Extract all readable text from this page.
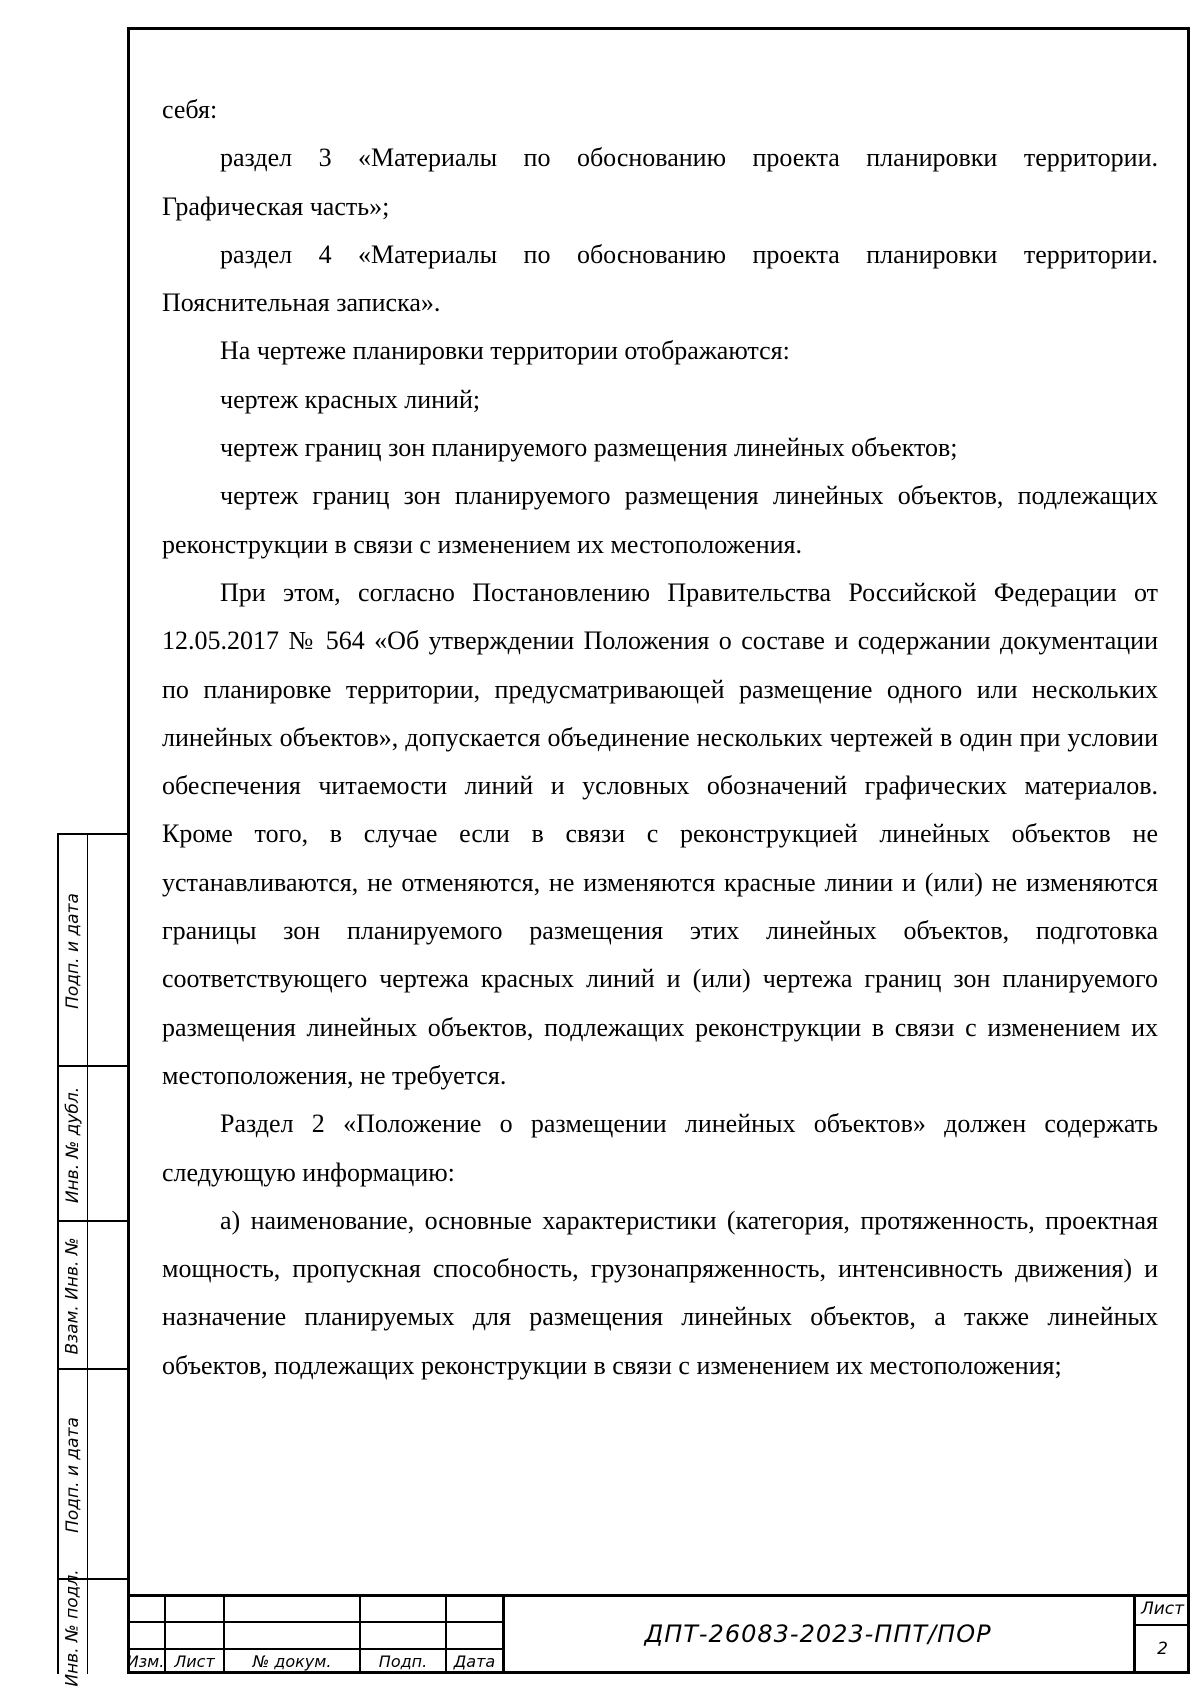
себя:

раздел 3 «Материалы по обоснованию проекта планировки территории. Графическая часть»;

раздел 4 «Материалы по обоснованию проекта планировки территории. Пояснительная записка».

На чертеже планировки территории отображаются:

чертеж красных линий;

чертеж границ зон планируемого размещения линейных объектов;

чертеж границ зон планируемого размещения линейных объектов, подлежащих реконструкции в связи с изменением их местоположения.

При этом, согласно Постановлению Правительства Российской Федерации от 12.05.2017 № 564 «Об утверждении Положения о составе и содержании документации по планировке территории, предусматривающей размещение одного или нескольких линейных объектов», допускается объединение нескольких чертежей в один при условии обеспечения читаемости линий и условных обозначений графических материалов. Кроме того, в случае если в связи с реконструкцией линейных объектов не устанавливаются, не отменяются, не изменяются красные линии и (или) не изменяются границы зон планируемого размещения этих линейных объектов, подготовка соответствующего чертежа красных линий и (или) чертежа границ зон планируемого размещения линейных объектов, подлежащих реконструкции в связи с изменением их местоположения, не требуется.

Раздел 2 «Положение о размещении линейных объектов» должен содержать следующую информацию:

а) наименование, основные характеристики (категория, протяженность, проектная мощность, пропускная способность, грузонапряженность, интенсивность движения) и назначение планируемых для размещения линейных объектов, а также линейных объектов, подлежащих реконструкции в связи с изменением их местоположения;

Подп. и дата
Инв. № дубл.
Взам. Инв. №
Подп. и дата
Инв. № подл.	Изм. Лист	№ докум.	Подп.	Дата
ДПТ-26083-2023-ППТ/ПОР
Лист
2
